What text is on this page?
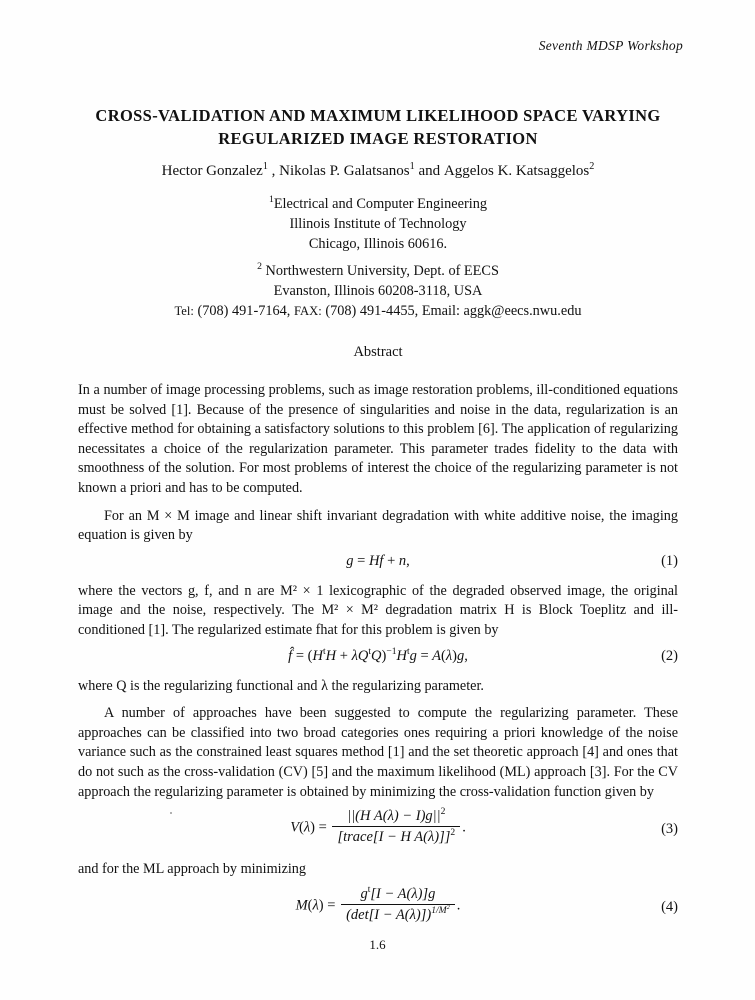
Seventh MDSP Workshop
CROSS-VALIDATION AND MAXIMUM LIKELIHOOD SPACE VARYING
REGULARIZED IMAGE RESTORATION
Hector Gonzalez$^1$ , Nikolas P. Galatsanos$^1$ and Aggelos K. Katsaggelos$^2$
$^1$Electrical and Computer Engineering
Illinois Institute of Technology
Chicago, Illinois 60616.
$^2$ Northwestern University, Dept. of EECS
Evanston, Illinois 60208-3118, USA
Tel: (708) 491-7164, FAX: (708) 491-4455, Email: aggk@eecs.nwu.edu
Abstract

In a number of image processing problems, such as image restoration problems, ill-conditioned equations must be solved [1]. Because of the presence of singularities and noise in the data, regularization is an effective method for obtaining a satisfactory solutions to this problem [6]. The application of regularizing necessitates a choice of the regularization parameter. This parameter trades fidelity to the data with smoothness of the solution. For most problems of interest the choice of the regularizing parameter is not known a priori and has to be computed.

For an M × M image and linear shift invariant degradation with white additive noise, the imaging equation is given by

g = Hf + n,	(1)

where the vectors g, f, and n are M² × 1 lexicographic of the degraded observed image, the original image and the noise, respectively. The M² × M² degradation matrix H is Block Toeplitz and ill-conditioned [1]. The regularized estimate fhat for this problem is given by

f̂ = $(H^tH + \lambda Q^tQ)^{-1}H^tg = A(\lambda)g$,	(2)

where Q is the regularizing functional and λ the regularizing parameter.

A number of approaches have been suggested to compute the regularizing parameter. These approaches can be classified into two broad categories ones requiring a priori knowledge of the noise variance such as the constrained least squares method [1] and the set theoretic approach [4] and ones that do not such as the cross-validation (CV) [5] and the maximum likelihood (ML) approach [3]. For the CV approach the regularizing parameter is obtained by minimizing the cross-validation function given by

$V(\lambda) = \frac{||(H A(\lambda) - I)g||^2}{[trace[I - H A(\lambda)]]^2}$ .	(3)

and for the ML approach by minimizing

$M(\lambda) = \frac{g^t[I - A(\lambda)]g}{(\det[I - A(\lambda)])^{1/M^2}}$ .	(4)
1.6
